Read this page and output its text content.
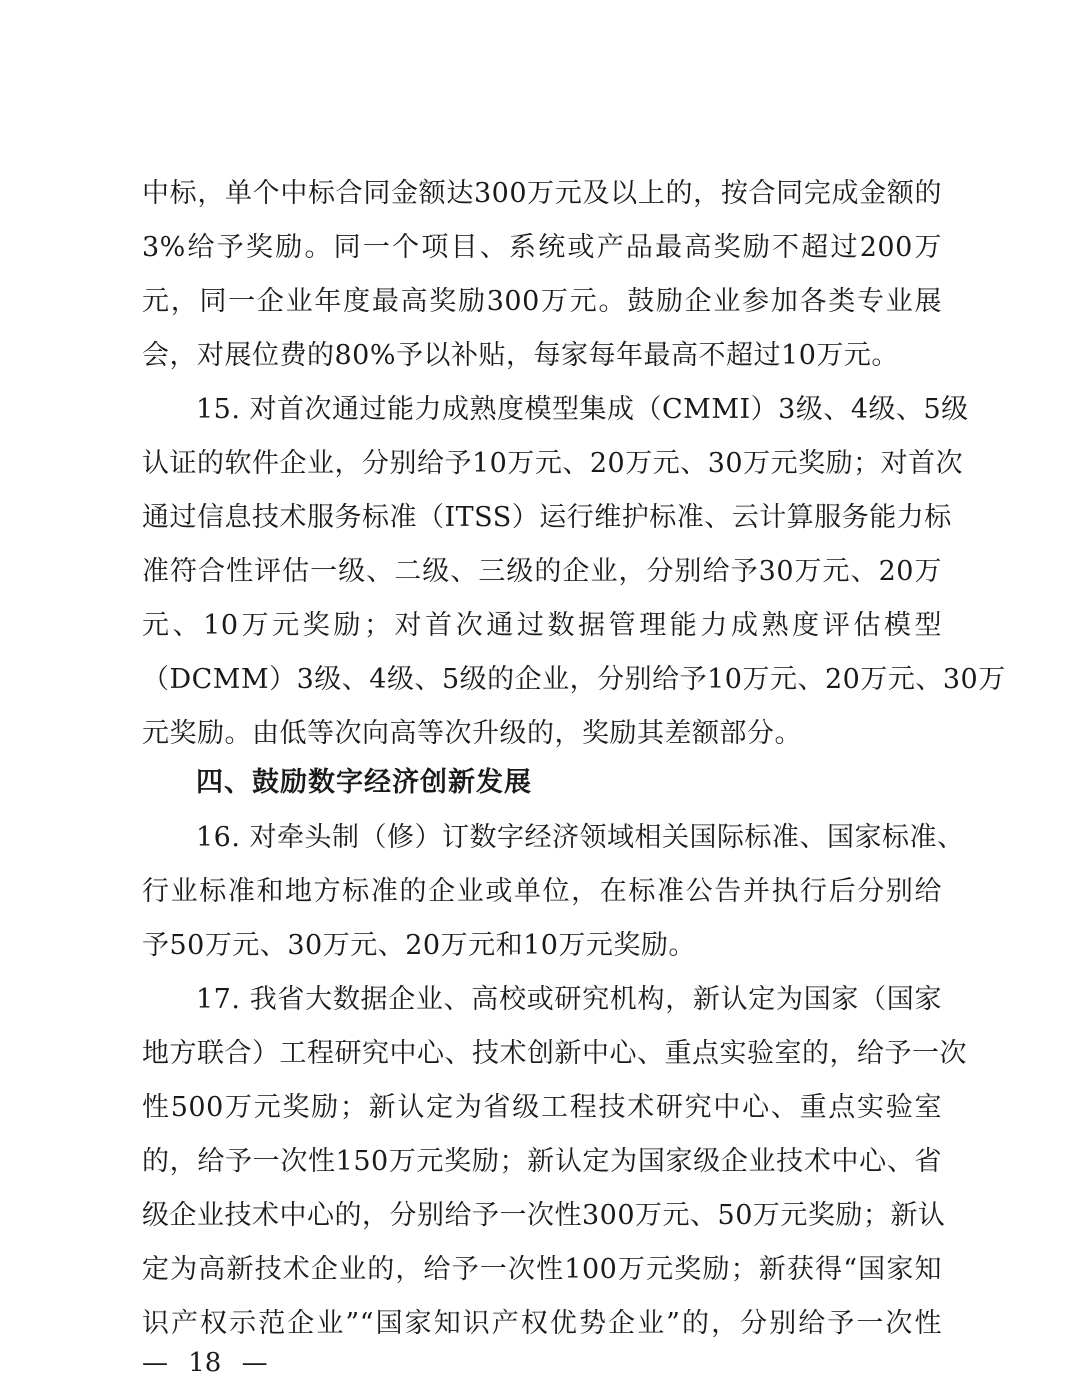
中标，单个中标合同金额达300万元及以上的，按合同完成金额的
3%给予奖励。同一个项目、系统或产品最高奖励不超过200万
元，同一企业年度最高奖励300万元。鼓励企业参加各类专业展
会，对展位费的80%予以补贴，每家每年最高不超过10万元。
15. 对首次通过能力成熟度模型集成（CMMI）3级、4级、5级
认证的软件企业，分别给予10万元、20万元、30万元奖励；对首次
通过信息技术服务标准（ITSS）运行维护标准、云计算服务能力标
准符合性评估一级、二级、三级的企业，分别给予30万元、20万
元、10万元奖励；对首次通过数据管理能力成熟度评估模型
（DCMM）3级、4级、5级的企业，分别给予10万元、20万元、30万
元奖励。由低等次向高等次升级的，奖励其差额部分。
四、鼓励数字经济创新发展
16. 对牵头制（修）订数字经济领域相关国际标准、国家标准、
行业标准和地方标准的企业或单位，在标准公告并执行后分别给
予50万元、30万元、20万元和10万元奖励。
17. 我省大数据企业、高校或研究机构，新认定为国家（国家
地方联合）工程研究中心、技术创新中心、重点实验室的，给予一次
性500万元奖励；新认定为省级工程技术研究中心、重点实验室
的，给予一次性150万元奖励；新认定为国家级企业技术中心、省
级企业技术中心的，分别给予一次性300万元、50万元奖励；新认
定为高新技术企业的，给予一次性100万元奖励；新获得“国家知
识产权示范企业”“国家知识产权优势企业”的，分别给予一次性
— 18 —
